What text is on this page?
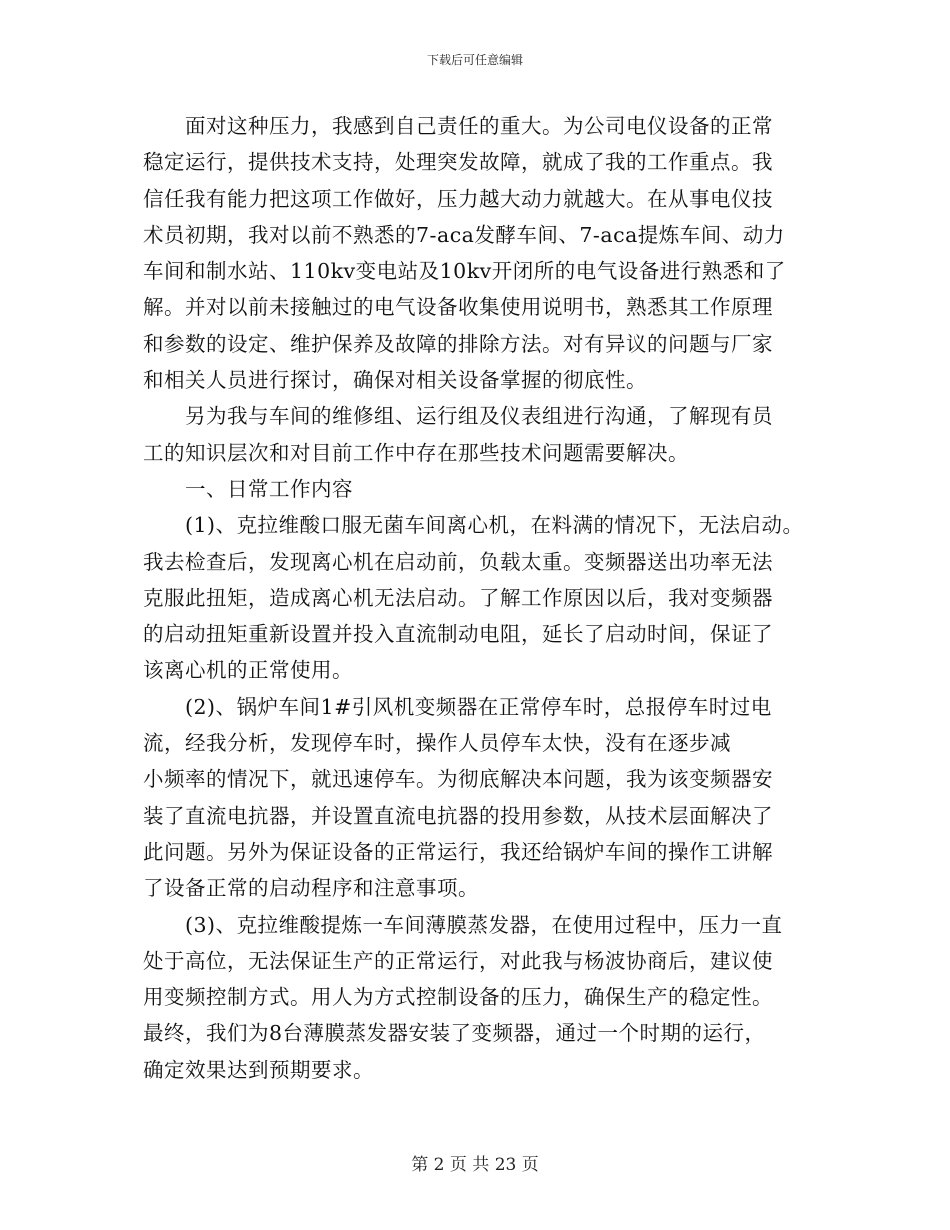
下载后可任意编辑
面对这种压力，我感到自己责任的重大。为公司电仪设备的正常
稳定运行，提供技术支持，处理突发故障，就成了我的工作重点。我
信任我有能力把这项工作做好，压力越大动力就越大。在从事电仪技
术员初期，我对以前不熟悉的7-aca发酵车间、7-aca提炼车间、动力
车间和制水站、110kv变电站及10kv开闭所的电气设备进行熟悉和了
解。并对以前未接触过的电气设备收集使用说明书，熟悉其工作原理
和参数的设定、维护保养及故障的排除方法。对有异议的问题与厂家
和相关人员进行探讨，确保对相关设备掌握的彻底性。
另为我与车间的维修组、运行组及仪表组进行沟通，了解现有员
工的知识层次和对目前工作中存在那些技术问题需要解决。
一、日常工作内容
(1)、克拉维酸口服无菌车间离心机，在料满的情况下，无法启动。
我去检查后，发现离心机在启动前，负载太重。变频器送出功率无法
克服此扭矩，造成离心机无法启动。了解工作原因以后，我对变频器
的启动扭矩重新设置并投入直流制动电阻，延长了启动时间，保证了
该离心机的正常使用。
(2)、锅炉车间1#引风机变频器在正常停车时，总报停车时过电
流，经我分析，发现停车时，操作人员停车太快，没有在逐步减
小频率的情况下，就迅速停车。为彻底解决本问题，我为该变频器安
装了直流电抗器，并设置直流电抗器的投用参数，从技术层面解决了
此问题。另外为保证设备的正常运行，我还给锅炉车间的操作工讲解
了设备正常的启动程序和注意事项。
(3)、克拉维酸提炼一车间薄膜蒸发器，在使用过程中，压力一直
处于高位，无法保证生产的正常运行，对此我与杨波协商后，建议使
用变频控制方式。用人为方式控制设备的压力，确保生产的稳定性。
最终，我们为8台薄膜蒸发器安装了变频器，通过一个时期的运行，
确定效果达到预期要求。
第 2 页 共 23 页
